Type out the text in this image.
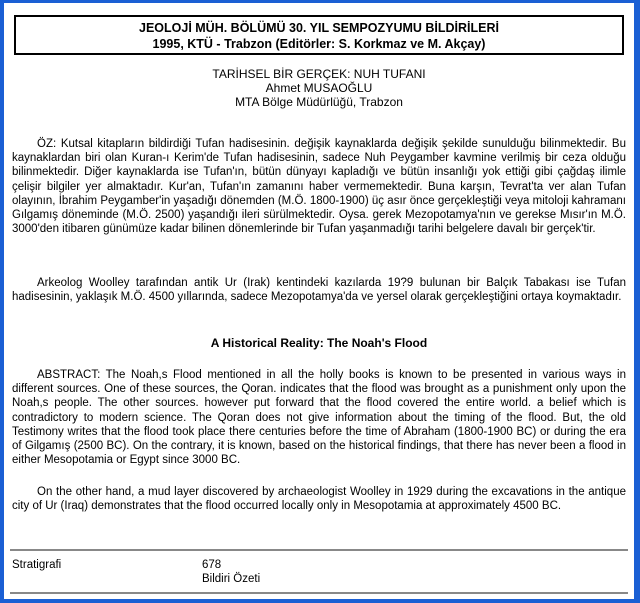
JEOLOJİ MÜH. BÖLÜMÜ 30. YIL SEMPOZYUMU BİLDİRİLERİ
1995, KTÜ - Trabzon (Editörler: S. Korkmaz ve M. Akçay)
TARİHSEL BİR GERÇEK: NUH TUFANI
Ahmet MUSAOĞLU
MTA Bölge Müdürlüğü, Trabzon

ÖZ: Kutsal kitapların bildirdiği Tufan hadisesinin. değişik kaynaklarda değişik şekilde sunulduğu bilinmektedir. Bu kaynaklardan biri olan Kuran-ı Kerim'de Tufan hadisesinin, sadece Nuh Peygamber kavmine verilmiş bir ceza olduğu bilinmektedir. Diğer kaynaklarda ise Tufan'ın, bütün dünyayı kapladığı ve bütün insanlığı yok ettiği gibi çağdaş ilimle çelişir bilgiler yer almaktadır. Kur'an, Tufan'ın zamanını haber vermemektedir. Buna karşın, Tevrat'ta ver alan Tufan olayının, İbrahim Peygamber'in yaşadığı dönemden (M.Ö. 1800-1900) üç asır önce gerçekleştiği veya mitoloji kahramanı Gılgamış döneminde (M.Ö. 2500) yaşandığı ileri sürülmektedir. Oysa. gerek Mezopotamya'nın ve gerekse Mısır'ın M.Ö. 3000'den itibaren günümüze kadar bilinen dönemlerinde bir Tufan yaşanmadığı tarihi belgelere davalı bir gerçek'tir.

Arkeolog Woolley tarafından antik Ur (Irak) kentindeki kazılarda 19?9 bulunan bir Balçık Tabakası ise Tufan hadisesinin, yaklaşık M.Ö. 4500 yıllarında, sadece Mezopotamya'da ve yersel olarak gerçekleştiğini ortaya koymaktadır.

A Historical Reality: The Noah's Flood

ABSTRACT: The Noah,s Flood mentioned in all the holly books is known to be presented in various ways in different sources. One of these sources, the Qoran. indicates that the flood was brought as a punishment only upon the Noah,s people. The other sources. however put forward that the flood covered the entire world. a belief which is contradictory to modern science. The Qoran does not give information about the timing of the flood. But, the old Testimony writes that the flood took place there centuries before the time of Abraham (1800-1900 BC) or during the era of Gilgamış (2500 BC). On the contrary, it is known, based on the historical findings, that there has never been a flood in either Mesopotamia or Egypt since 3000 BC.

On the other hand, a mud layer discovered by archaeologist Woolley in 1929 during the excavations in the antique city of Ur (Iraq) demonstrates that the flood occurred locally only in Mesopotamia at approximately 4500 BC.

Stratigrafi	678
Bildiri Özeti
